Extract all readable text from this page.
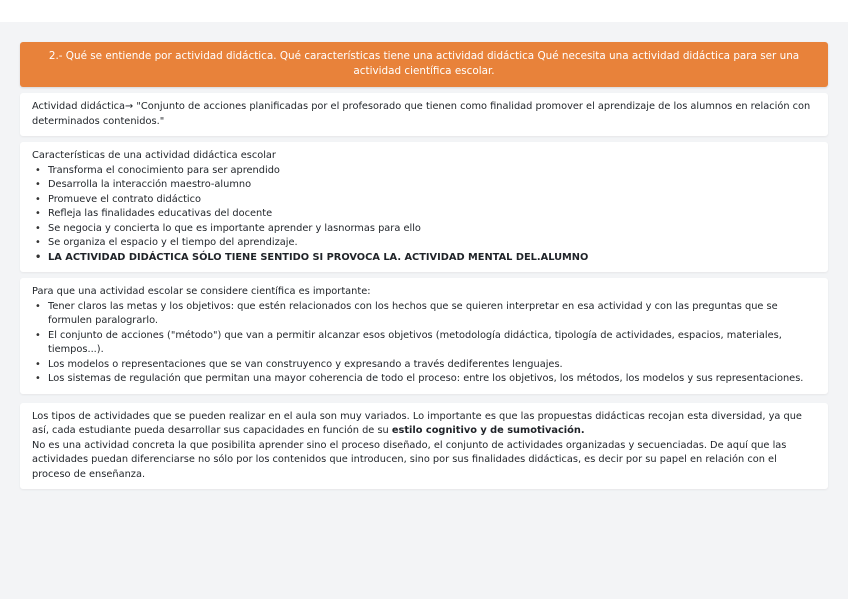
2.- Qué se entiende por actividad didáctica. Qué características tiene una actividad didáctica Qué necesita una actividad didáctica para ser una actividad científica escolar.

Actividad didáctica→ "Conjunto de acciones planificadas por el profesorado que tienen como finalidad promover el aprendizaje de los alumnos en relación con determinados contenidos."

Características de una actividad didáctica escolar

• Transforma el conocimiento para ser aprendido
• Desarrolla la interacción maestro-alumno
• Promueve el contrato didáctico
• Refleja las finalidades educativas del docente
• Se negocia y concierta lo que es importante aprender y lasnormas para ello
• Se organiza el espacio y el tiempo del aprendizaje.
• LA ACTIVIDAD DIDÁCTICA SÓLO TIENE SENTIDO SI PROVOCA LA. ACTIVIDAD MENTAL DEL.ALUMNO

Para que una actividad escolar se considere científica es importante:

• Tener claros las metas y los objetivos: que estén relacionados con los hechos que se quieren interpretar en esa actividad y con las preguntas que se formulen paralograrlo.
• El conjunto de acciones ("método") que van a permitir alcanzar esos objetivos (metodología didáctica, tipología de actividades, espacios, materiales, tiempos...).
• Los modelos o representaciones que se van construyenco y expresando a través dediferentes lenguajes.
• Los sistemas de regulación que permitan una mayor coherencia de todo el proceso: entre los objetivos, los métodos, los modelos y sus representaciones.

Los tipos de actividades que se pueden realizar en el aula son muy variados. Lo importante es que las propuestas didácticas recojan esta diversidad, ya que así, cada estudiante pueda desarrollar sus capacidades en función de su estilo cognitivo y de sumotivación.

No es una actividad concreta la que posibilita aprender sino el proceso diseñado, el conjunto de actividades organizadas y secuenciadas. De aquí que las actividades puedan diferenciarse no sólo por los contenidos que introducen, sino por sus finalidades didácticas, es decir por su papel en relación con el proceso de enseñanza.
